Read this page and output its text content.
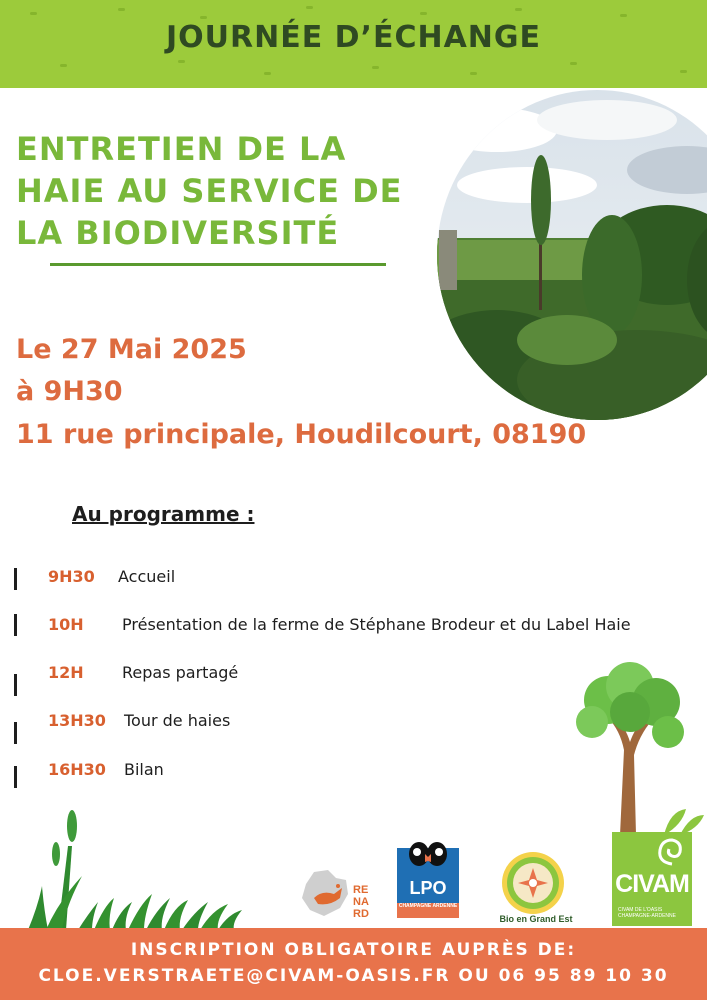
JOURNÉE D’ÉCHANGE
ENTRETIEN DE LA
HAIE AU SERVICE DE
LA BIODIVERSITÉ
Le 27 Mai 2025
à 9H30
11 rue principale, Houdilcourt, 08190
Au programme :
9H30 Accueil
10H Présentation de la ferme de Stéphane Brodeur et du Label Haie
12H Repas partagé
13H30 Tour de haies
16H30 Bilan
RE
NA
RD
LPO
CHAMPAGNE ARDENNE
Bio en Grand Est
CIVAM
CIVAM DE L'OASIS CHAMPAGNE-ARDENNE
INSCRIPTION OBLIGATOIRE AUPRÈS DE:
CLOE.VERSTRAETE@CIVAM-OASIS.FR OU 06 95 89 10 30
